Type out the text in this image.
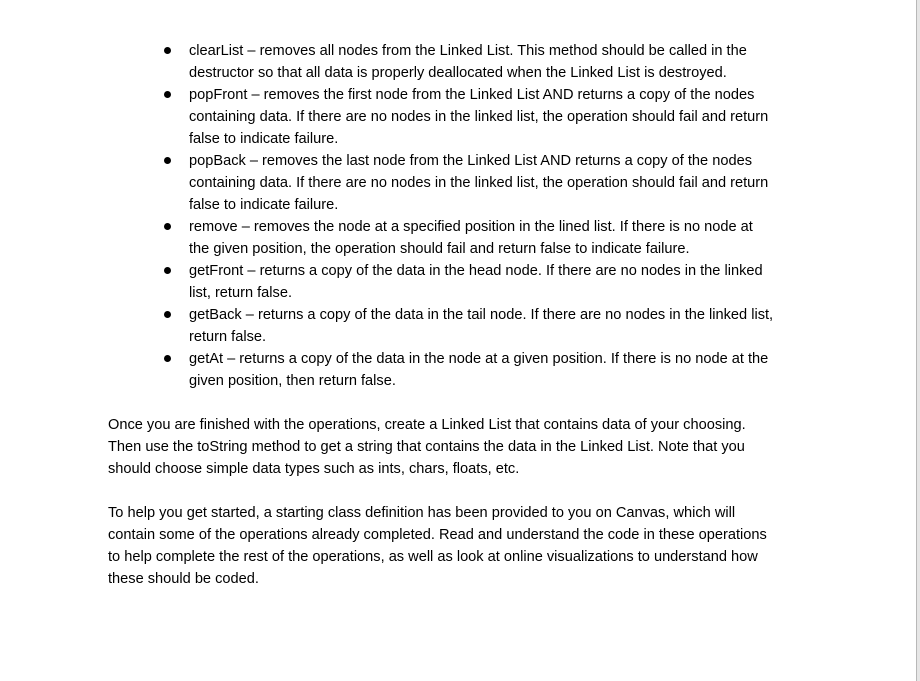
clearList – removes all nodes from the Linked List. This method should be called in the
destructor so that all data is properly deallocated when the Linked List is destroyed.
popFront – removes the first node from the Linked List AND returns a copy of the nodes
containing data. If there are no nodes in the linked list, the operation should fail and return
false to indicate failure.
popBack – removes the last node from the Linked List AND returns a copy of the nodes
containing data. If there are no nodes in the linked list, the operation should fail and return
false to indicate failure.
remove – removes the node at a specified position in the lined list. If there is no node at
the given position, the operation should fail and return false to indicate failure.
getFront – returns a copy of the data in the head node. If there are no nodes in the linked
list, return false.
getBack – returns a copy of the data in the tail node. If there are no nodes in the linked list,
return false.
getAt – returns a copy of the data in the node at a given position. If there is no node at the
given position, then return false.
Once you are finished with the operations, create a Linked List that contains data of your choosing.
Then use the toString method to get a string that contains the data in the Linked List. Note that you
should choose simple data types such as ints, chars, floats, etc.
To help you get started, a starting class definition has been provided to you on Canvas, which will
contain some of the operations already completed. Read and understand the code in these operations
to help complete the rest of the operations, as well as look at online visualizations to understand how
these should be coded.
